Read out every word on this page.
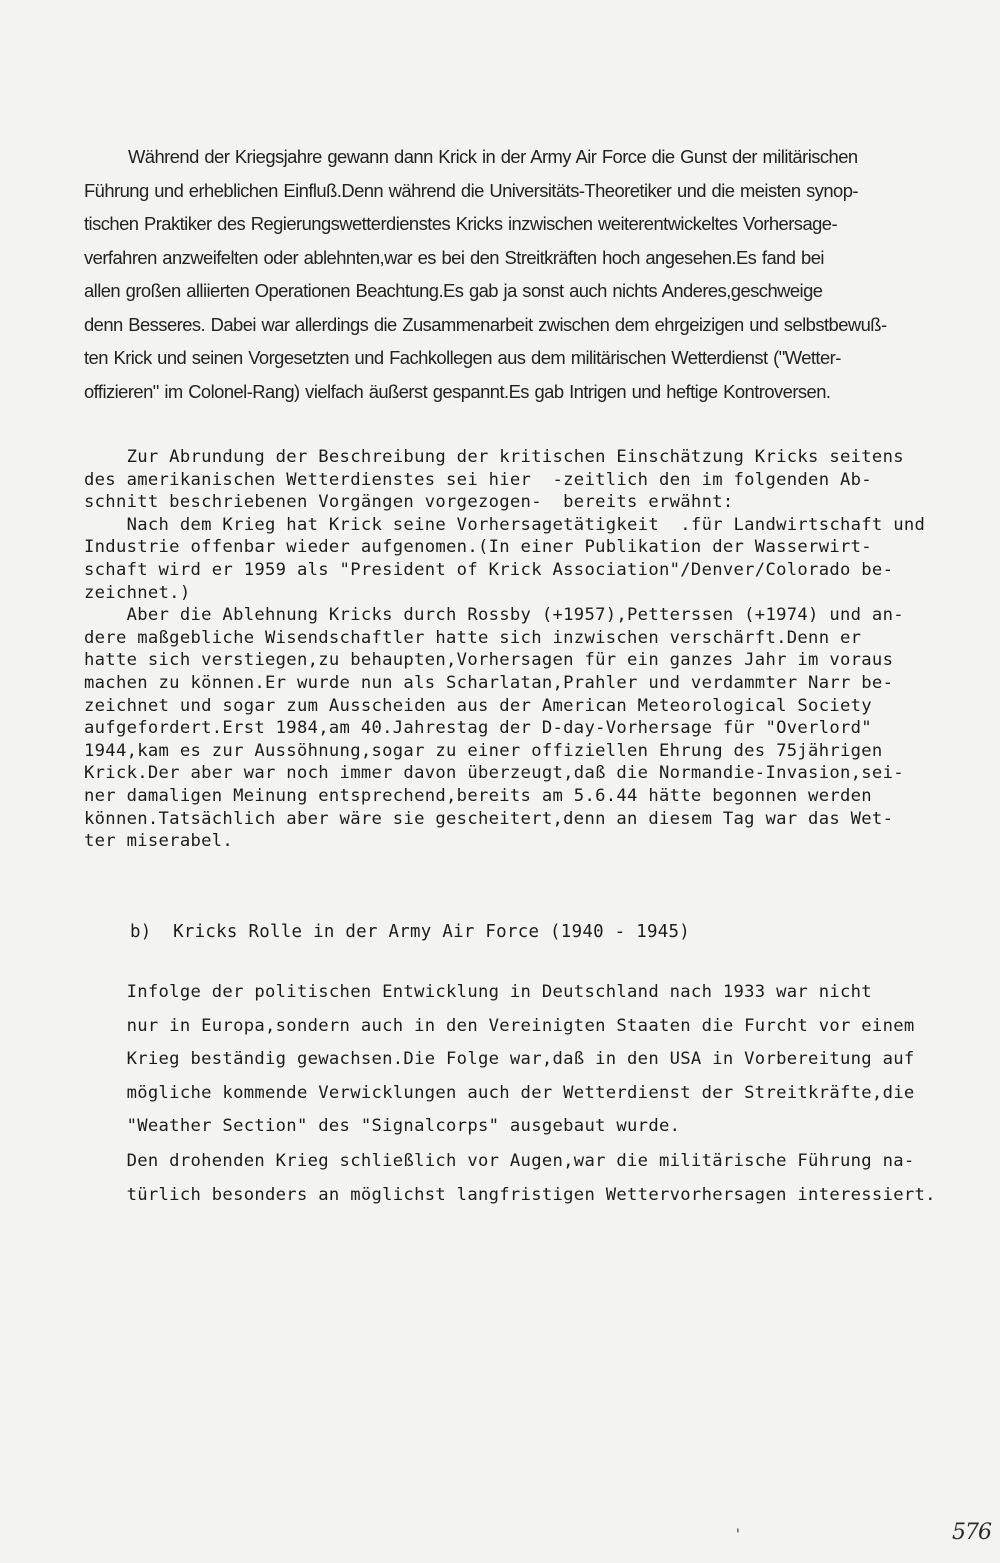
Während der Kriegsjahre gewann dann Krick in der Army Air Force die Gunst der militärischen
Führung und erheblichen Einfluß.Denn während die Universitäts-Theoretiker und die meisten synop-
tischen Praktiker des Regierungswetterdienstes Kricks inzwischen weiterentwickeltes Vorhersage-
verfahren anzweifelten oder ablehnten,war es bei den Streitkräften hoch angesehen.Es fand bei
allen großen alliierten Operationen Beachtung.Es gab ja sonst auch nichts Anderes,geschweige
denn Besseres. Dabei war allerdings die Zusammenarbeit zwischen dem ehrgeizigen und selbstbewuß-
ten Krick und seinen Vorgesetzten und Fachkollegen aus dem militärischen Wetterdienst ("Wetter-
offizieren" im Colonel-Rang) vielfach äußerst gespannt.Es gab Intrigen und heftige Kontroversen.
Zur Abrundung der Beschreibung der kritischen Einschätzung Kricks seitens
des amerikanischen Wetterdienstes sei hier  -zeitlich den im folgenden Ab-
schnitt beschriebenen Vorgängen vorgezogen-  bereits erwähnt:
Nach dem Krieg hat Krick seine Vorhersagetätigkeit  .für Landwirtschaft und
Industrie offenbar wieder aufgenomen.(In einer Publikation der Wasserwirt-
schaft wird er 1959 als "President of Krick Association"/Denver/Colorado be-
zeichnet.)
Aber die Ablehnung Kricks durch Rossby (+1957),Petterssen (+1974) und an-
dere maßgebliche Wisendschaftler hatte sich inzwischen verschärft.Denn er
hatte sich verstiegen,zu behaupten,Vorhersagen für ein ganzes Jahr im voraus
machen zu können.Er wurde nun als Scharlatan,Prahler und verdammter Narr be-
zeichnet und sogar zum Ausscheiden aus der American Meteorological Society
aufgefordert.Erst 1984,am 40.Jahrestag der D-day-Vorhersage für "Overlord"
1944,kam es zur Aussöhnung,sogar zu einer offiziellen Ehrung des 75jährigen
Krick.Der aber war noch immer davon überzeugt,daß die Normandie-Invasion,sei-
ner damaligen Meinung entsprechend,bereits am 5.6.44 hätte begonnen werden
können.Tatsächlich aber wäre sie gescheitert,denn an diesem Tag war das Wet-
ter miserabel.
b)  Kricks Rolle in der Army Air Force (1940 - 1945)
Infolge der politischen Entwicklung in Deutschland nach 1933 war nicht
nur in Europa,sondern auch in den Vereinigten Staaten die Furcht vor einem
Krieg beständig gewachsen.Die Folge war,daß in den USA in Vorbereitung auf
mögliche kommende Verwicklungen auch der Wetterdienst der Streitkräfte,die
"Weather Section" des "Signalcorps" ausgebaut wurde.
Den drohenden Krieg schließlich vor Augen,war die militärische Führung na-
türlich besonders an möglichst langfristigen Wettervorhersagen interessiert.
'	576
